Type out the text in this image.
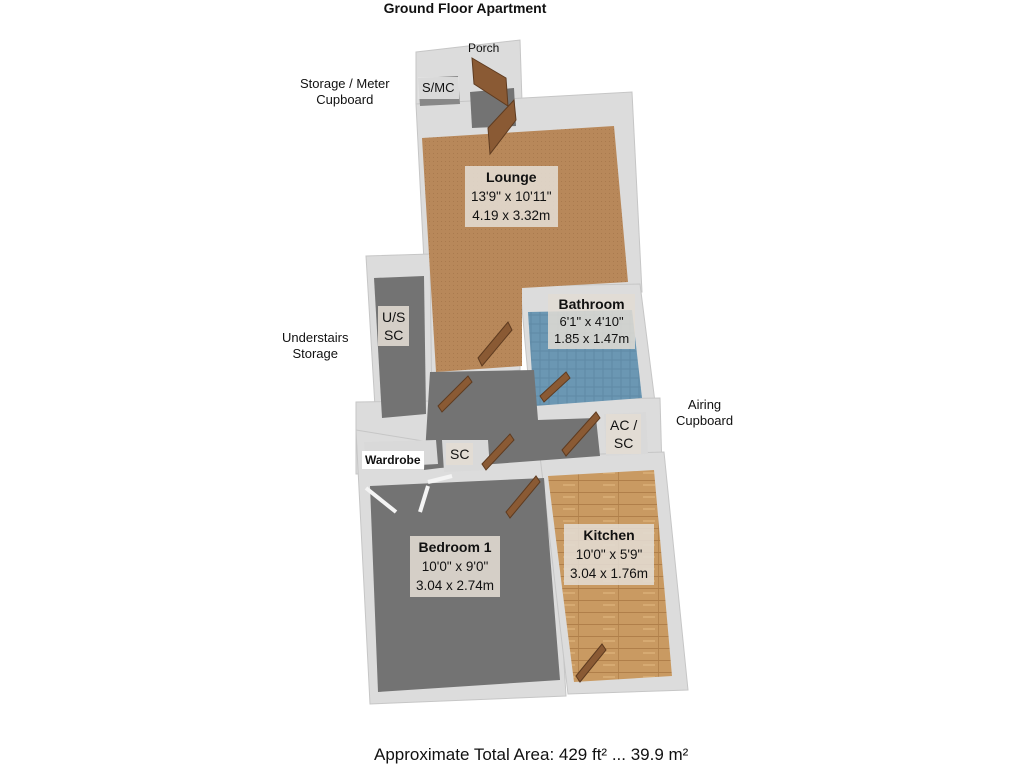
Ground Floor Apartment
Approximate Total Area: 429 ft² ... 39.9 m²
Storage / Meter
Cupboard
Understairs
Storage
Airing
Cupboard
Porch
S/MC
U/S
SC
AC /
SC
SC
Wardrobe
Lounge
13'9" x 10'11"
4.19 x 3.32m
Bathroom
6'1" x 4'10"
1.85 x 1.47m
Bedroom 1
10'0" x 9'0"
3.04 x 2.74m
Kitchen
10'0" x 5'9"
3.04 x 1.76m
